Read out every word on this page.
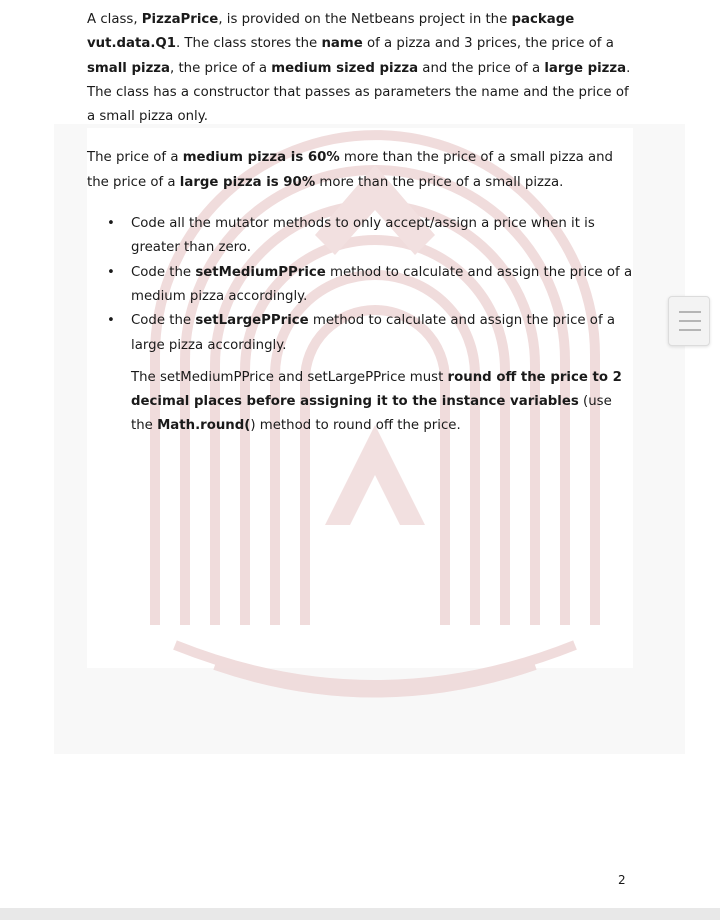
A class, PizzaPrice, is provided on the Netbeans project in the package vut.data.Q1. The class stores the name of a pizza and 3 prices, the price of a small pizza, the price of a medium sized pizza and the price of a large pizza. The class has a constructor that passes as parameters the name and the price of a small pizza only.

The price of a medium pizza is 60% more than the price of a small pizza and the price of a large pizza is 90% more than the price of a small pizza.

• Code all the mutator methods to only accept/assign a price when it is greater than zero.
• Code the setMediumPPrice method to calculate and assign the price of a medium pizza accordingly.
• Code the setLargePPrice method to calculate and assign the price of a large pizza accordingly.

The setMediumPPrice and setLargePPrice must round off the price to 2 decimal places before assigning it to the instance variables (use the Math.round() method to round off the price.

2
